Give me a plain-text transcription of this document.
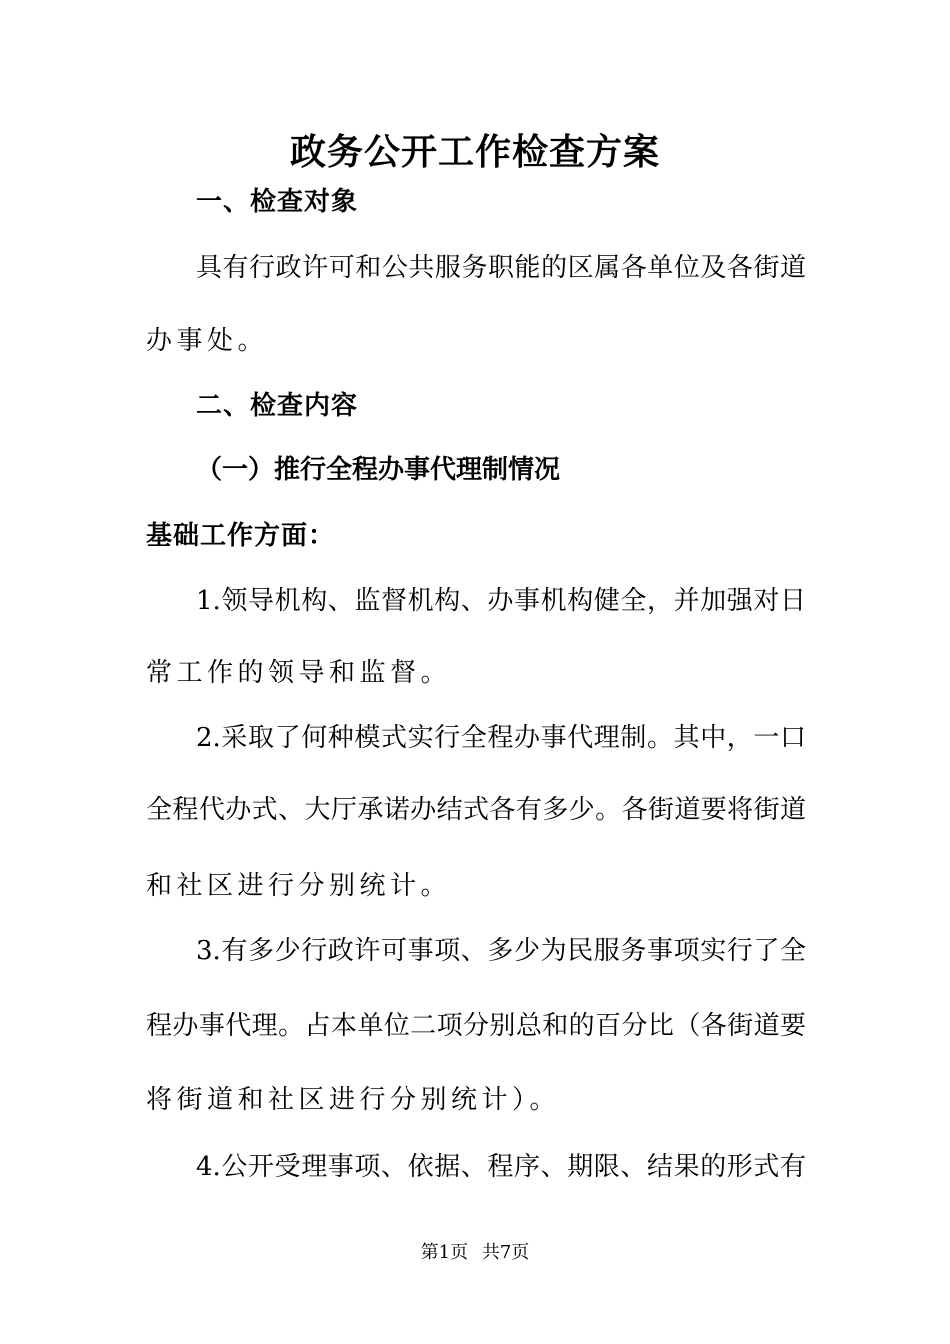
政务公开工作检查方案
一、检查对象
具有行政许可和公共服务职能的区属各单位及各街道
办事处。
二、检查内容
（一）推行全程办事代理制情况
基础工作方面：
1.领导机构、监督机构、办事机构健全，并加强对日
常工作的领导和监督。
2.采取了何种模式实行全程办事代理制。其中，一口
全程代办式、大厅承诺办结式各有多少。各街道要将街道
和社区进行分别统计。
3.有多少行政许可事项、多少为民服务事项实行了全
程办事代理。占本单位二项分别总和的百分比（各街道要
将街道和社区进行分别统计）。
4.公开受理事项、依据、程序、期限、结果的形式有
第1页 共7页
